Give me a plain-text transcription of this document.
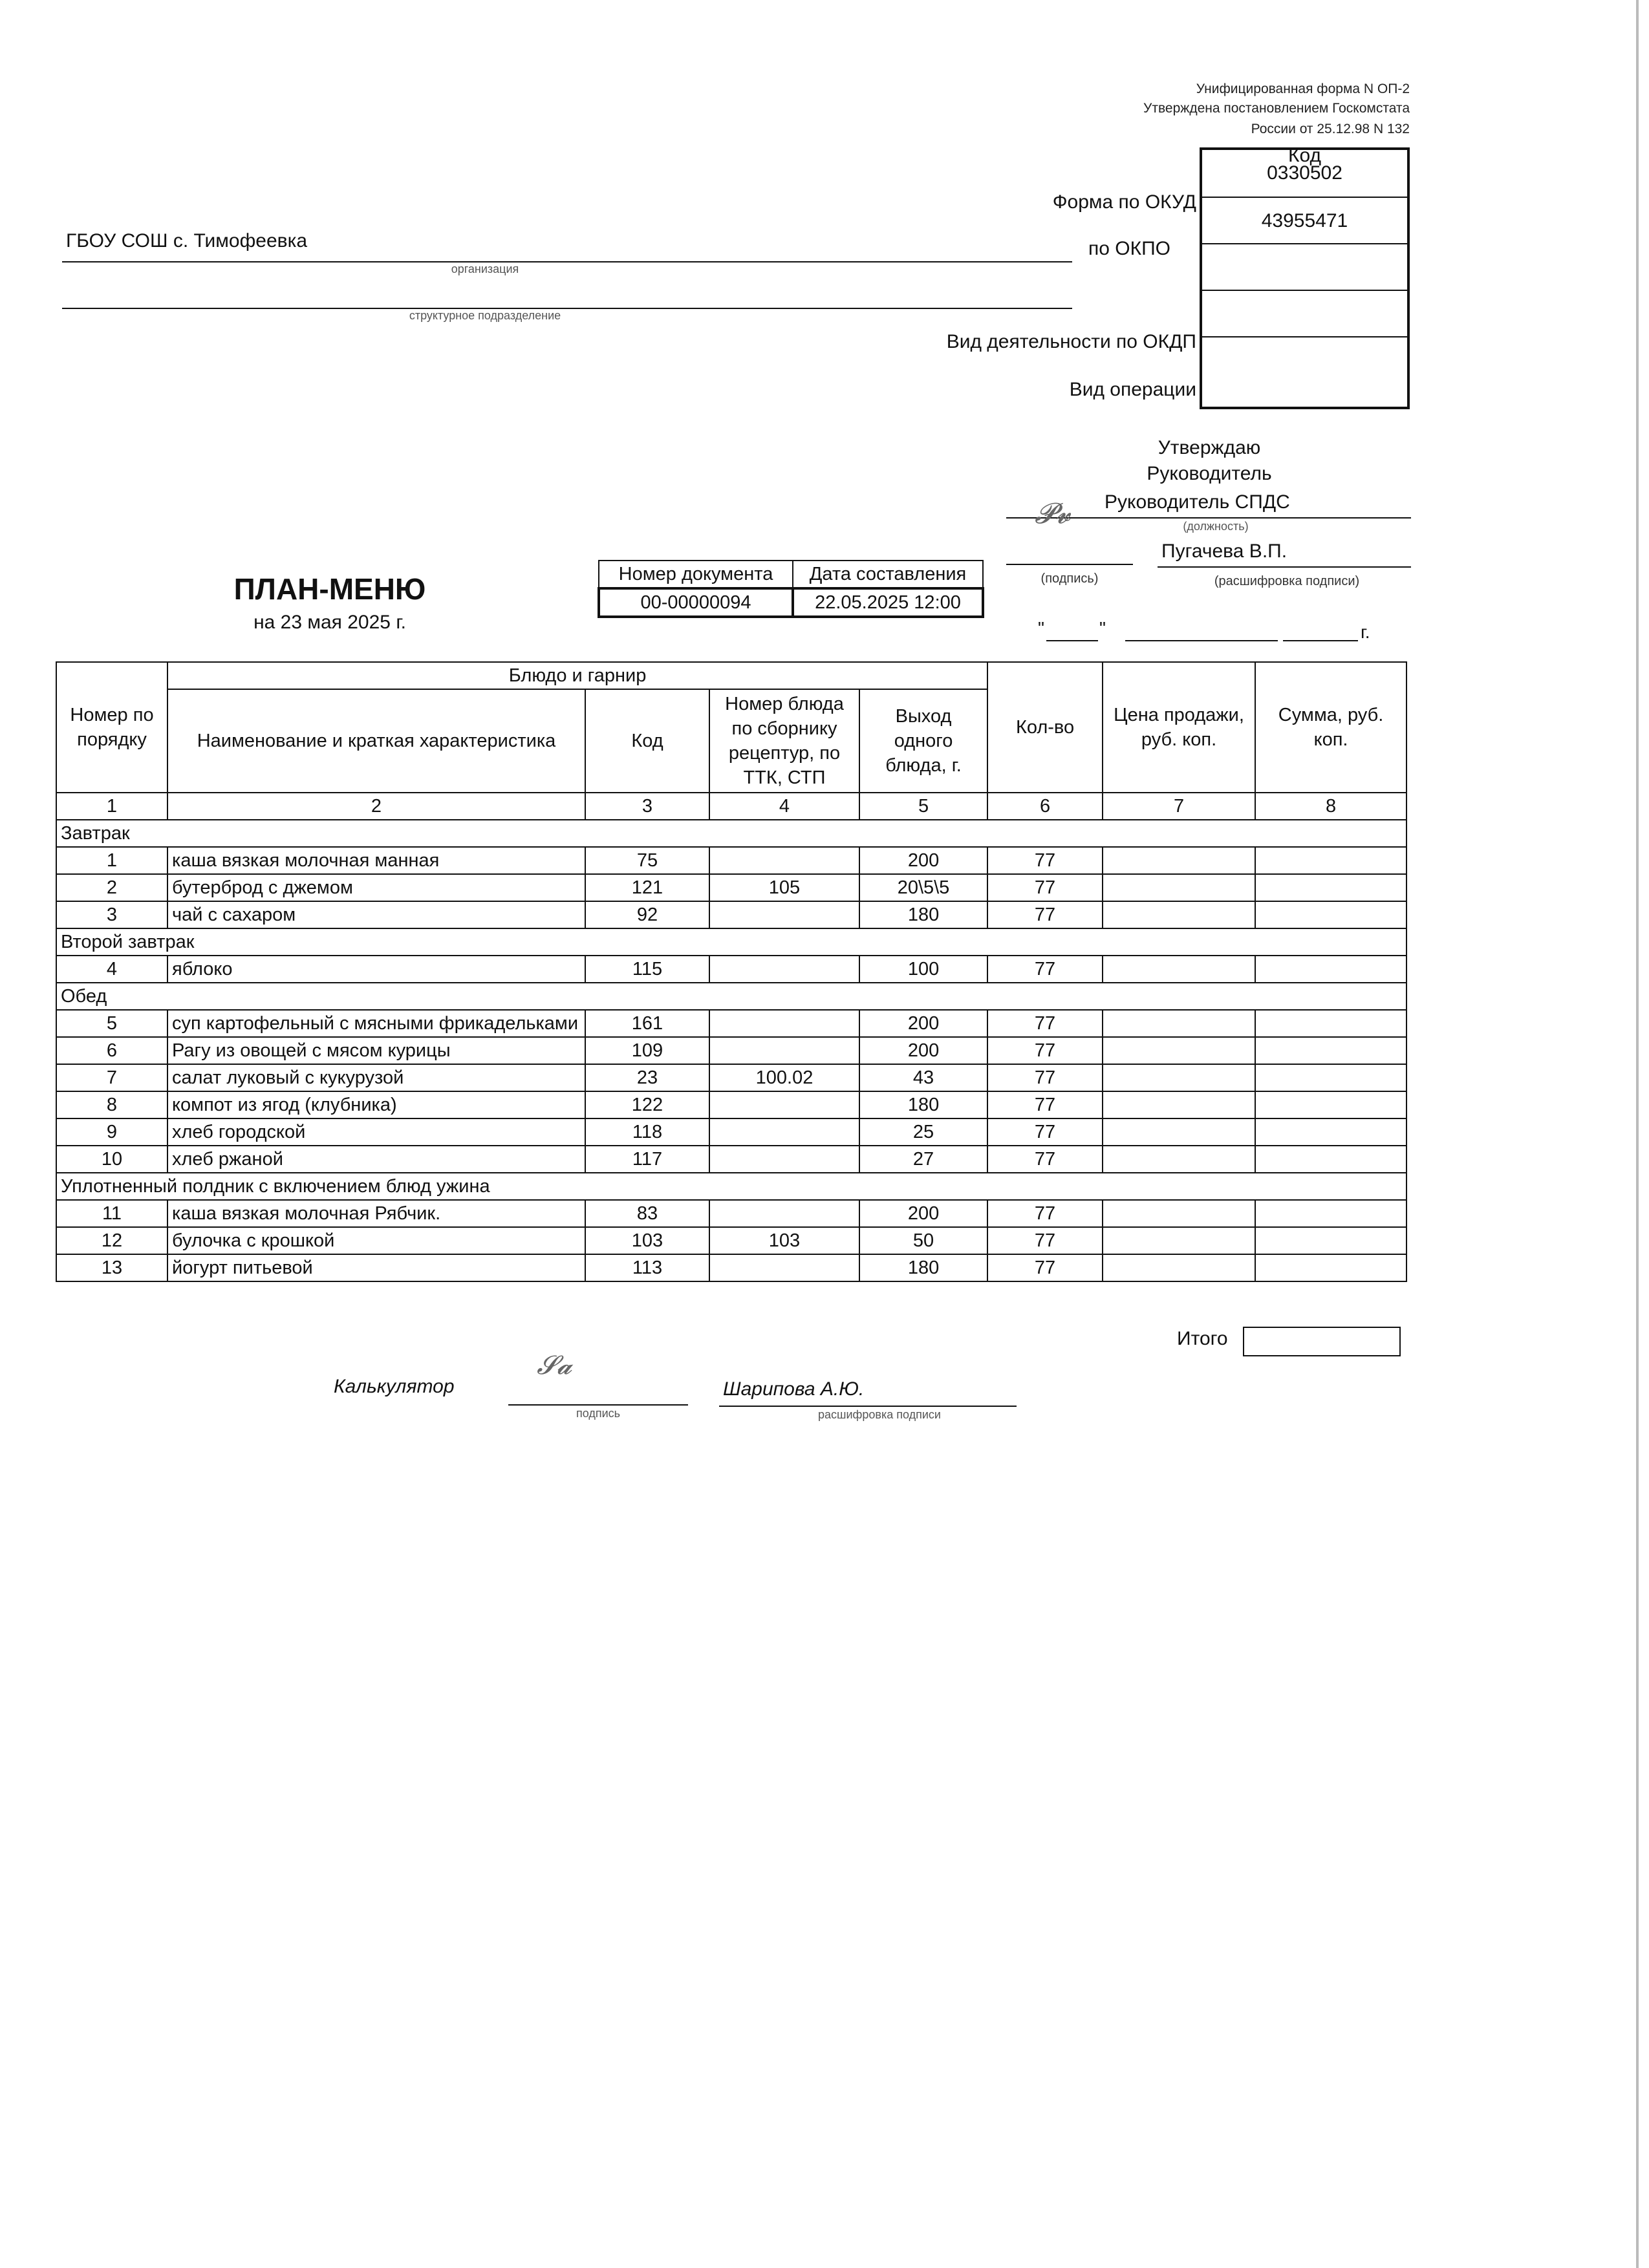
Унифицированная форма N ОП-2
Утверждена постановлением Госкомстата
России от 25.12.98 N 132
Код
0330502
43955471
Форма по ОКУД
по ОКПО
Вид деятельности по ОКДП
Вид операции
ГБОУ СОШ с. Тимофеевка
организация
структурное подразделение
Утверждаю
Руководитель
Руководитель СПДС
(должность)
𝓟𝓿
Пугачева В.П.
(подпись)	(расшифровка подписи)
"	"	г.
ПЛАН-МЕНЮ
на 23 мая 2025 г.
Номер документа	Дата составления
00-00000094	22.05.2025 12:00
Номер по порядку	Блюдо и гарнир				Кол-во	Цена продажи, руб. коп.	Сумма, руб. коп.
	Наименование и краткая характеристика	Код	Номер блюда по сборнику рецептур, по ТТК, СТП	Выход одного блюда, г.			
1	2	3	4	5	6	7	8
Завтрак							
1	каша вязкая молочная манная	75		200	77		
2	бутерброд с джемом	121	105	20\5\5	77		
3	чай с сахаром	92		180	77		
Второй завтрак							
4	яблоко	115		100	77		
Обед							
5	суп картофельный с мясными фрикадельками	161		200	77		
6	Рагу из овощей с мясом курицы	109		200	77		
7	салат луковый с кукурузой	23	100.02	43	77		
8	компот из ягод (клубника)	122		180	77		
9	хлеб городской	118		25	77		
10	хлеб ржаной	117		27	77		
Уплотненный полдник с включением блюд ужина							
11	каша вязкая молочная Рябчик.	83		200	77		
12	булочка с крошкой	103	103	50	77		
13	йогурт питьевой	113		180	77		
Итого
Калькулятор
𝓢𝓪
подпись
Шарипова А.Ю.
расшифровка подписи
